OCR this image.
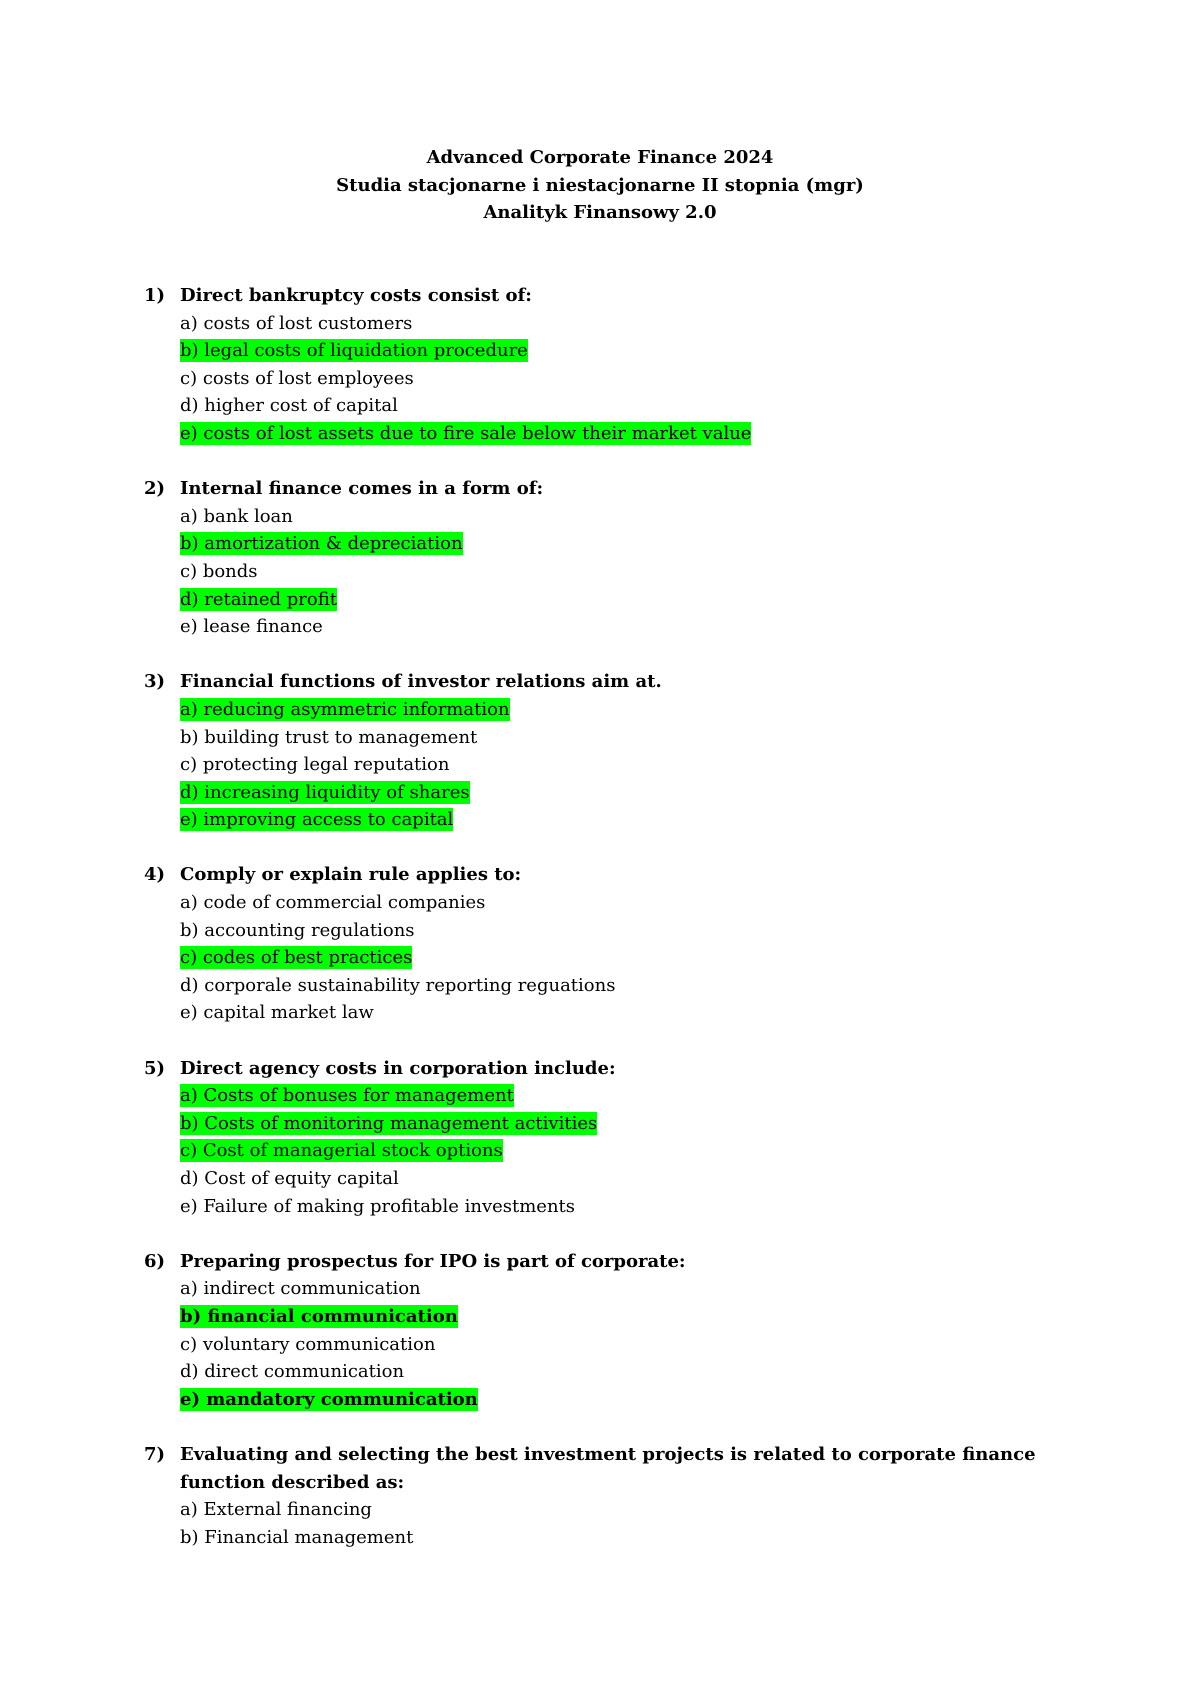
Advanced Corporate Finance 2024
Studia stacjonarne i niestacjonarne II stopnia (mgr)
Analityk Finansowy 2.0
1) Direct bankruptcy costs consist of:
a) costs of lost customers
b) legal costs of liquidation procedure
c) costs of lost employees
d) higher cost of capital
e) costs of lost assets due to fire sale below their market value
2) Internal finance comes in a form of:
a) bank loan
b) amortization & depreciation
c) bonds
d) retained profit
e) lease finance
3) Financial functions of investor relations aim at.
a) reducing asymmetric information
b) building trust to management
c) protecting legal reputation
d) increasing liquidity of shares
e) improving access to capital
4) Comply or explain rule applies to:
a) code of commercial companies
b) accounting regulations
c) codes of best practices
d) corporale sustainability reporting reguations
e) capital market law
5) Direct agency costs in corporation include:
a) Costs of bonuses for management
b) Costs of monitoring management activities
c) Cost of managerial stock options
d) Cost of equity capital
e) Failure of making profitable investments
6) Preparing prospectus for IPO is part of corporate:
a) indirect communication
b) financial communication
c) voluntary communication
d) direct communication
e) mandatory communication
7) Evaluating and selecting the best investment projects is related to corporate finance function described as:
a) External financing
b) Financial management
